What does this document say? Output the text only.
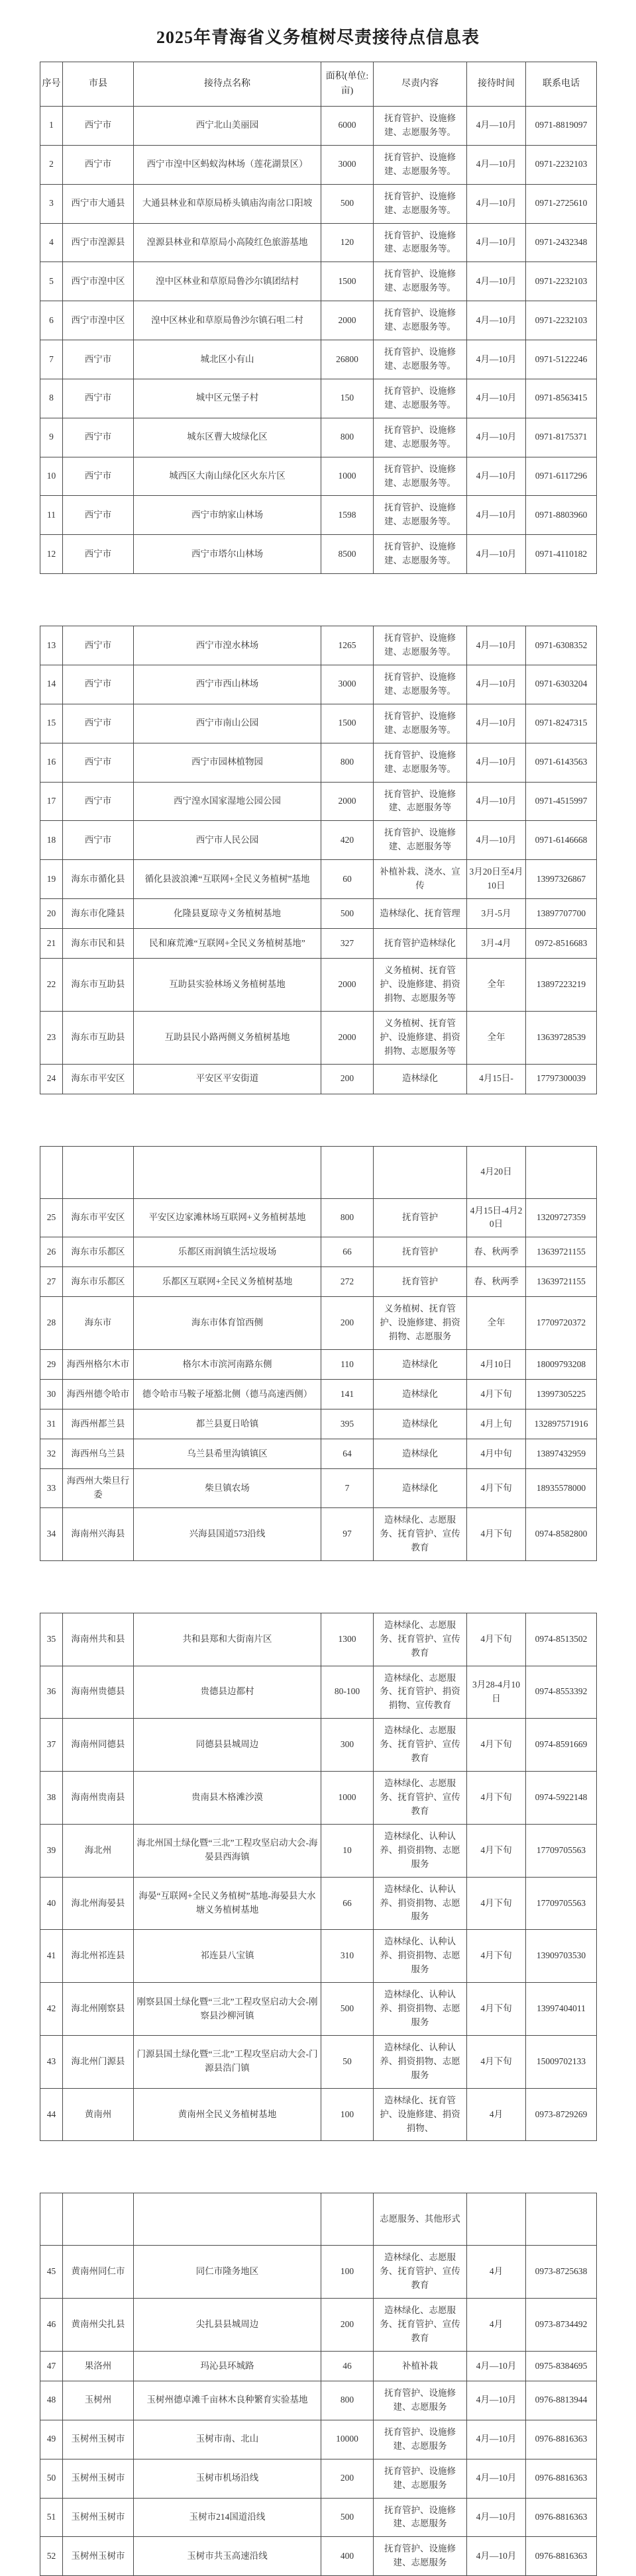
2025年青海省义务植树尽责接待点信息表
序号	市县	接待点名称	面积(单位:亩)	尽责内容	接待时间	联系电话
1	西宁市	西宁北山美丽园	6000	抚育管护、设施修建、志愿服务等。	4月—10月	0971-8819097
2	西宁市	西宁市湟中区蚂蚁沟林场（莲花湖景区）	3000	抚育管护、设施修建、志愿服务等。	4月—10月	0971-2232103
3	西宁市大通县	大通县林业和草原局桥头镇庙沟南岔口阳坡	500	抚育管护、设施修建、志愿服务等。	4月—10月	0971-2725610
4	西宁市湟源县	湟源县林业和草原局小高陵红色旅游基地	120	抚育管护、设施修建、志愿服务等。	4月—10月	0971-2432348
5	西宁市湟中区	湟中区林业和草原局鲁沙尔镇团结村	1500	抚育管护、设施修建、志愿服务等。	4月—10月	0971-2232103
6	西宁市湟中区	湟中区林业和草原局鲁沙尔镇石咀二村	2000	抚育管护、设施修建、志愿服务等。	4月—10月	0971-2232103
7	西宁市	城北区小有山	26800	抚育管护、设施修建、志愿服务等。	4月—10月	0971-5122246
8	西宁市	城中区元堡子村	150	抚育管护、设施修建、志愿服务等。	4月—10月	0971-8563415
9	西宁市	城东区曹大坡绿化区	800	抚育管护、设施修建、志愿服务等。	4月—10月	0971-8175371
10	西宁市	城西区大南山绿化区火东片区	1000	抚育管护、设施修建、志愿服务等。	4月—10月	0971-6117296
11	西宁市	西宁市纳家山林场	1598	抚育管护、设施修建、志愿服务等。	4月—10月	0971-8803960
12	西宁市	西宁市塔尔山林场	8500	抚育管护、设施修建、志愿服务等。	4月—10月	0971-4110182
13	西宁市	西宁市湟水林场	1265	抚育管护、设施修建、志愿服务等。	4月—10月	0971-6308352
14	西宁市	西宁市西山林场	3000	抚育管护、设施修建、志愿服务等。	4月—10月	0971-6303204
15	西宁市	西宁市南山公园	1500	抚育管护、设施修建、志愿服务等。	4月—10月	0971-8247315
16	西宁市	西宁市园林植物园	800	抚育管护、设施修建、志愿服务等。	4月—10月	0971-6143563
17	西宁市	西宁湟水国家湿地公园公园	2000	抚育管护、设施修建、志愿服务等	4月—10月	0971-4515997
18	西宁市	西宁市人民公园	420	抚育管护、设施修建、志愿服务等	4月—10月	0971-6146668
19	海东市循化县	循化县波浪滩“互联网+全民义务植树”基地	60	补植补栽、浇水、宣传	3月20日至4月10日	13997326867
20	海东市化隆县	化隆县夏琼寺义务植树基地	500	造林绿化、抚育管理	3月-5月	13897707700
21	海东市民和县	民和麻荒滩“互联网+全民义务植树基地”	327	抚育管护造林绿化	3月-4月	0972-8516683
22	海东市互助县	互助县实验林场义务植树基地	2000	义务植树、抚育管护、设施修建、捐资捐物、志愿服务等	全年	13897223219
23	海东市互助县	互助县民小路两侧义务植树基地	2000	义务植树、抚育管护、设施修建、捐资捐物、志愿服务等	全年	13639728539
24	海东市平安区	平安区平安街道	200	造林绿化	4月15日-	17797300039
					4月20日	
25	海东市平安区	平安区边家滩林场互联网+义务植树基地	800	抚育管护	4月15日-4月20日	13209727359
26	海东市乐都区	乐都区雨润镇生活垃圾场	66	抚育管护	春、秋两季	13639721155
27	海东市乐都区	乐都区互联网+全民义务植树基地	272	抚育管护	春、秋两季	13639721155
28	海东市	海东市体育馆西侧	200	义务植树、抚育管护、设施修建、捐资捐物、志愿服务	全年	17709720372
29	海西州格尔木市	格尔木市滨河南路东侧	110	造林绿化	4月10日	18009793208
30	海西州德令哈市	德令哈市马鞍子垭豁北侧（德马高速西侧）	141	造林绿化	4月下旬	13997305225
31	海西州都兰县	都兰县夏日哈镇	395	造林绿化	4月上旬	132897571916
32	海西州乌兰县	乌兰县希里沟镇镇区	64	造林绿化	4月中旬	13897432959
33	海西州大柴旦行委	柴旦镇农场	7	造林绿化	4月下旬	18935578000
34	海南州兴海县	兴海县国道573沿线	97	造林绿化、志愿服务、抚育管护、宣传教育	4月下旬	0974-8582800
35	海南州共和县	共和县郑和大街南片区	1300	造林绿化、志愿服务、抚育管护、宣传教育	4月下旬	0974-8513502
36	海南州贵德县	贵德县边都村	80-100	造林绿化、志愿服务、抚育管护、捐资捐物、宣传教育	3月28-4月10日	0974-8553392
37	海南州同德县	同德县县城周边	300	造林绿化、志愿服务、抚育管护、宣传教育	4月下旬	0974-8591669
38	海南州贵南县	贵南县木格滩沙漠	1000	造林绿化、志愿服务、抚育管护、宣传教育	4月下旬	0974-5922148
39	海北州	海北州国土绿化暨“三北”工程攻坚启动大会-海晏县西海镇	10	造林绿化、认种认养、捐资捐物、志愿服务	4月下旬	17709705563
40	海北州海晏县	海晏“互联网+全民义务植树”基地-海晏县大水塘义务植树基地	66	造林绿化、认种认养、捐资捐物、志愿服务	4月下旬	17709705563
41	海北州祁连县	祁连县八宝镇	310	造林绿化、认种认养、捐资捐物、志愿服务	4月下旬	13909703530
42	海北州刚察县	刚察县国土绿化暨“三北”工程攻坚启动大会-刚察县沙柳河镇	500	造林绿化、认种认养、捐资捐物、志愿服务	4月下旬	13997404011
43	海北州门源县	门源县国土绿化暨“三北”工程攻坚启动大会-门源县浩门镇	50	造林绿化、认种认养、捐资捐物、志愿服务	4月下旬	15009702133
44	黄南州	黄南州全民义务植树基地	100	造林绿化、抚育管护、设施修建、捐资捐物、	4月	0973-8729269
				志愿服务、其他形式		
45	黄南州同仁市	同仁市隆务地区	100	造林绿化、志愿服务、抚育管护、宣传教育	4月	0973-8725638
46	黄南州尖扎县	尖扎县县城周边	200	造林绿化、志愿服务、抚育管护、宣传教育	4月	0973-8734492
47	果洛州	玛沁县环城路	46	补植补栽	4月—10月	0975-8384695
48	玉树州	玉树州德卓滩千亩林木良种繁育实验基地	800	抚育管护、设施修建、志愿服务	4月—10月	0976-8813944
49	玉树州玉树市	玉树市南、北山	10000	抚育管护、设施修建、志愿服务	4月—10月	0976-8816363
50	玉树州玉树市	玉树市机场沿线	200	抚育管护、设施修建、志愿服务	4月—10月	0976-8816363
51	玉树州玉树市	玉树市214国道沿线	500	抚育管护、设施修建、志愿服务	4月—10月	0976-8816363
52	玉树州玉树市	玉树市共玉高速沿线	400	抚育管护、设施修建、志愿服务	4月—10月	0976-8816363
